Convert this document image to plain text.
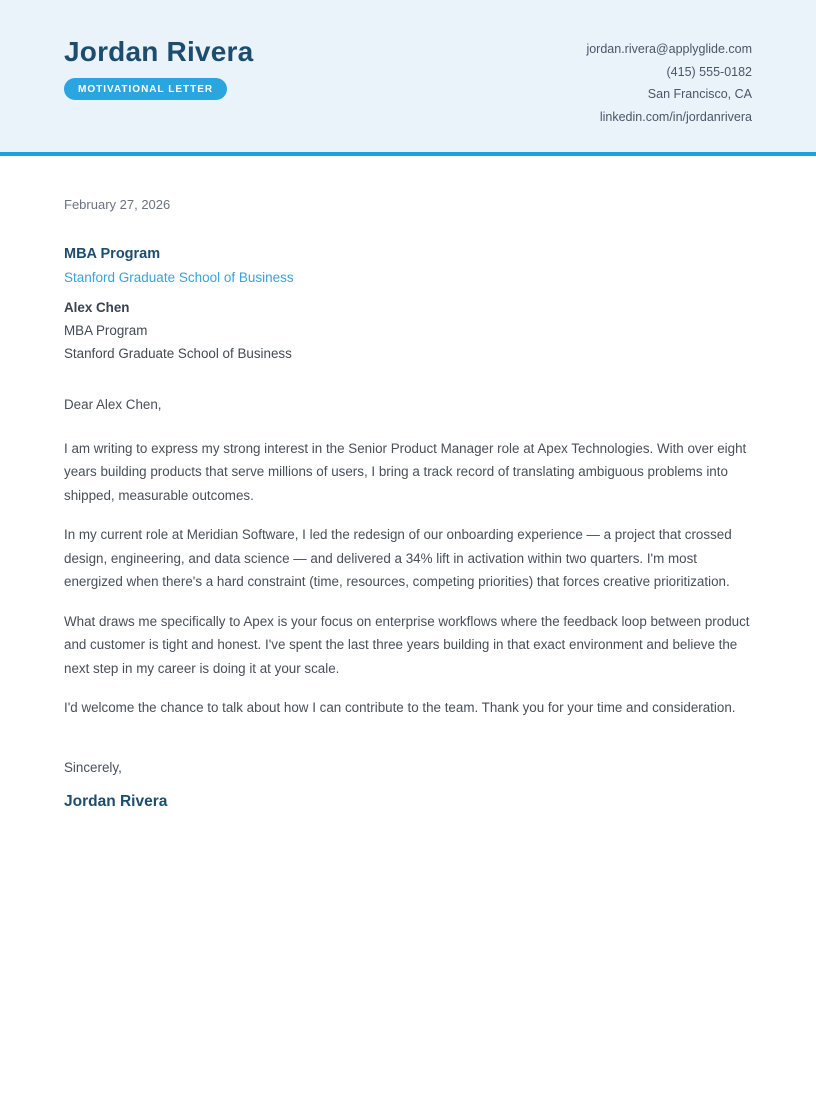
Jordan Rivera
MOTIVATIONAL LETTER
jordan.rivera@applyglide.com
(415) 555-0182
San Francisco, CA
linkedin.com/in/jordanrivera

February 27, 2026

MBA Program
Stanford Graduate School of Business
Alex Chen
MBA Program
Stanford Graduate School of Business

Dear Alex Chen,

I am writing to express my strong interest in the Senior Product Manager role at Apex Technologies. With over eight years building products that serve millions of users, I bring a track record of translating ambiguous problems into shipped, measurable outcomes.

In my current role at Meridian Software, I led the redesign of our onboarding experience — a project that crossed design, engineering, and data science — and delivered a 34% lift in activation within two quarters. I'm most energized when there's a hard constraint (time, resources, competing priorities) that forces creative prioritization.

What draws me specifically to Apex is your focus on enterprise workflows where the feedback loop between product and customer is tight and honest. I've spent the last three years building in that exact environment and believe the next step in my career is doing it at your scale.

I'd welcome the chance to talk about how I can contribute to the team. Thank you for your time and consideration.

Sincerely,

Jordan Rivera
